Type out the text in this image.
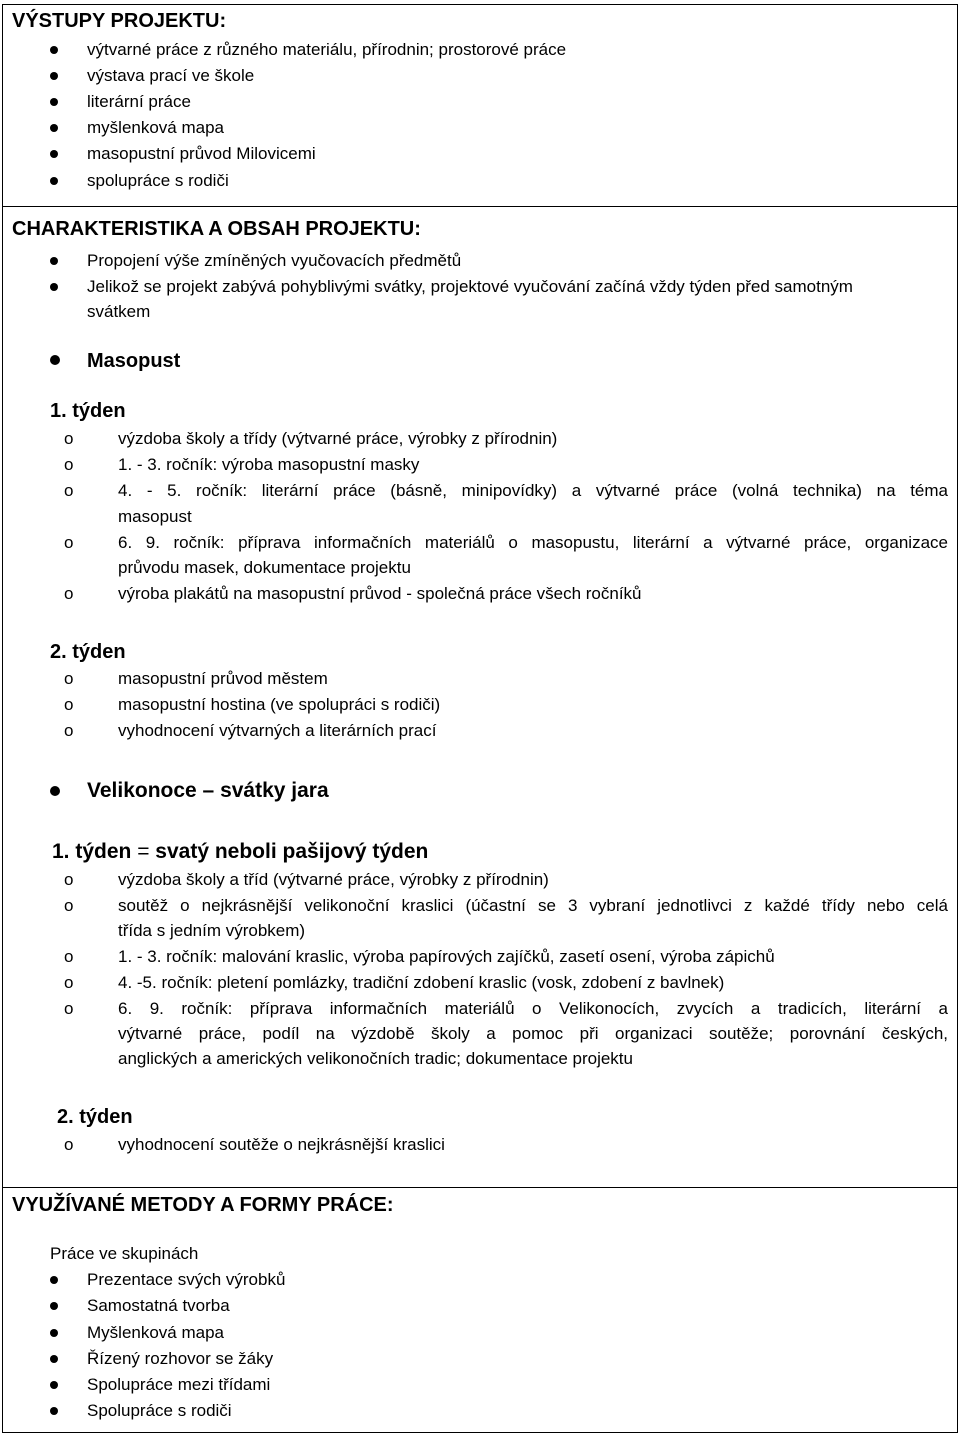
VÝSTUPY PROJEKTU:
výtvarné práce z různého materiálu, přírodnin; prostorové práce
výstava prací ve škole
literární práce
myšlenková mapa
masopustní průvod Milovicemi
spolupráce s rodiči
CHARAKTERISTIKA A OBSAH PROJEKTU:
Propojení výše zmíněných vyučovacích předmětů
Jelikož se projekt zabývá pohyblivými svátky, projektové vyučování začíná vždy týden před samotným
svátkem
Masopust
1. týden
o	výzdoba školy a třídy (výtvarné práce, výrobky z přírodnin)
o	1. - 3. ročník: výroba masopustní masky
o	4. - 5. ročník: literární práce (básně, minipovídky) a výtvarné práce (volná technika) na téma
masopust
o	6. 9. ročník: příprava informačních materiálů o masopustu, literární a výtvarné práce, organizace
průvodu masek, dokumentace projektu
o	výroba plakátů na masopustní průvod - společná práce všech ročníků
2. týden
o	masopustní průvod městem
o	masopustní hostina (ve spolupráci s rodiči)
o	vyhodnocení výtvarných a literárních prací
Velikonoce – svátky jara
1. týden = svatý neboli pašijový týden
o	výzdoba školy a tříd (výtvarné práce, výrobky z přírodnin)
o	soutěž o nejkrásnější velikonoční kraslici (účastní se 3 vybraní jednotlivci z každé třídy nebo celá
třída s jedním výrobkem)
o	1. - 3. ročník: malování kraslic, výroba papírových zajíčků, zasetí osení, výroba zápichů
o	4. -5. ročník: pletení pomlázky, tradiční zdobení kraslic (vosk, zdobení z bavlnek)
o	6. 9. ročník: příprava informačních materiálů o Velikonocích, zvycích a tradicích, literární a
výtvarné práce, podíl na výzdobě školy a pomoc při organizaci soutěže; porovnání českých,
anglických a amerických velikonočních tradic; dokumentace projektu
2. týden
o	vyhodnocení soutěže o nejkrásnější kraslici
VYUŽÍVANÉ METODY A FORMY PRÁCE:
Práce ve skupinách
Prezentace svých výrobků
Samostatná tvorba
Myšlenková mapa
Řízený rozhovor se žáky
Spolupráce mezi třídami
Spolupráce s rodiči
